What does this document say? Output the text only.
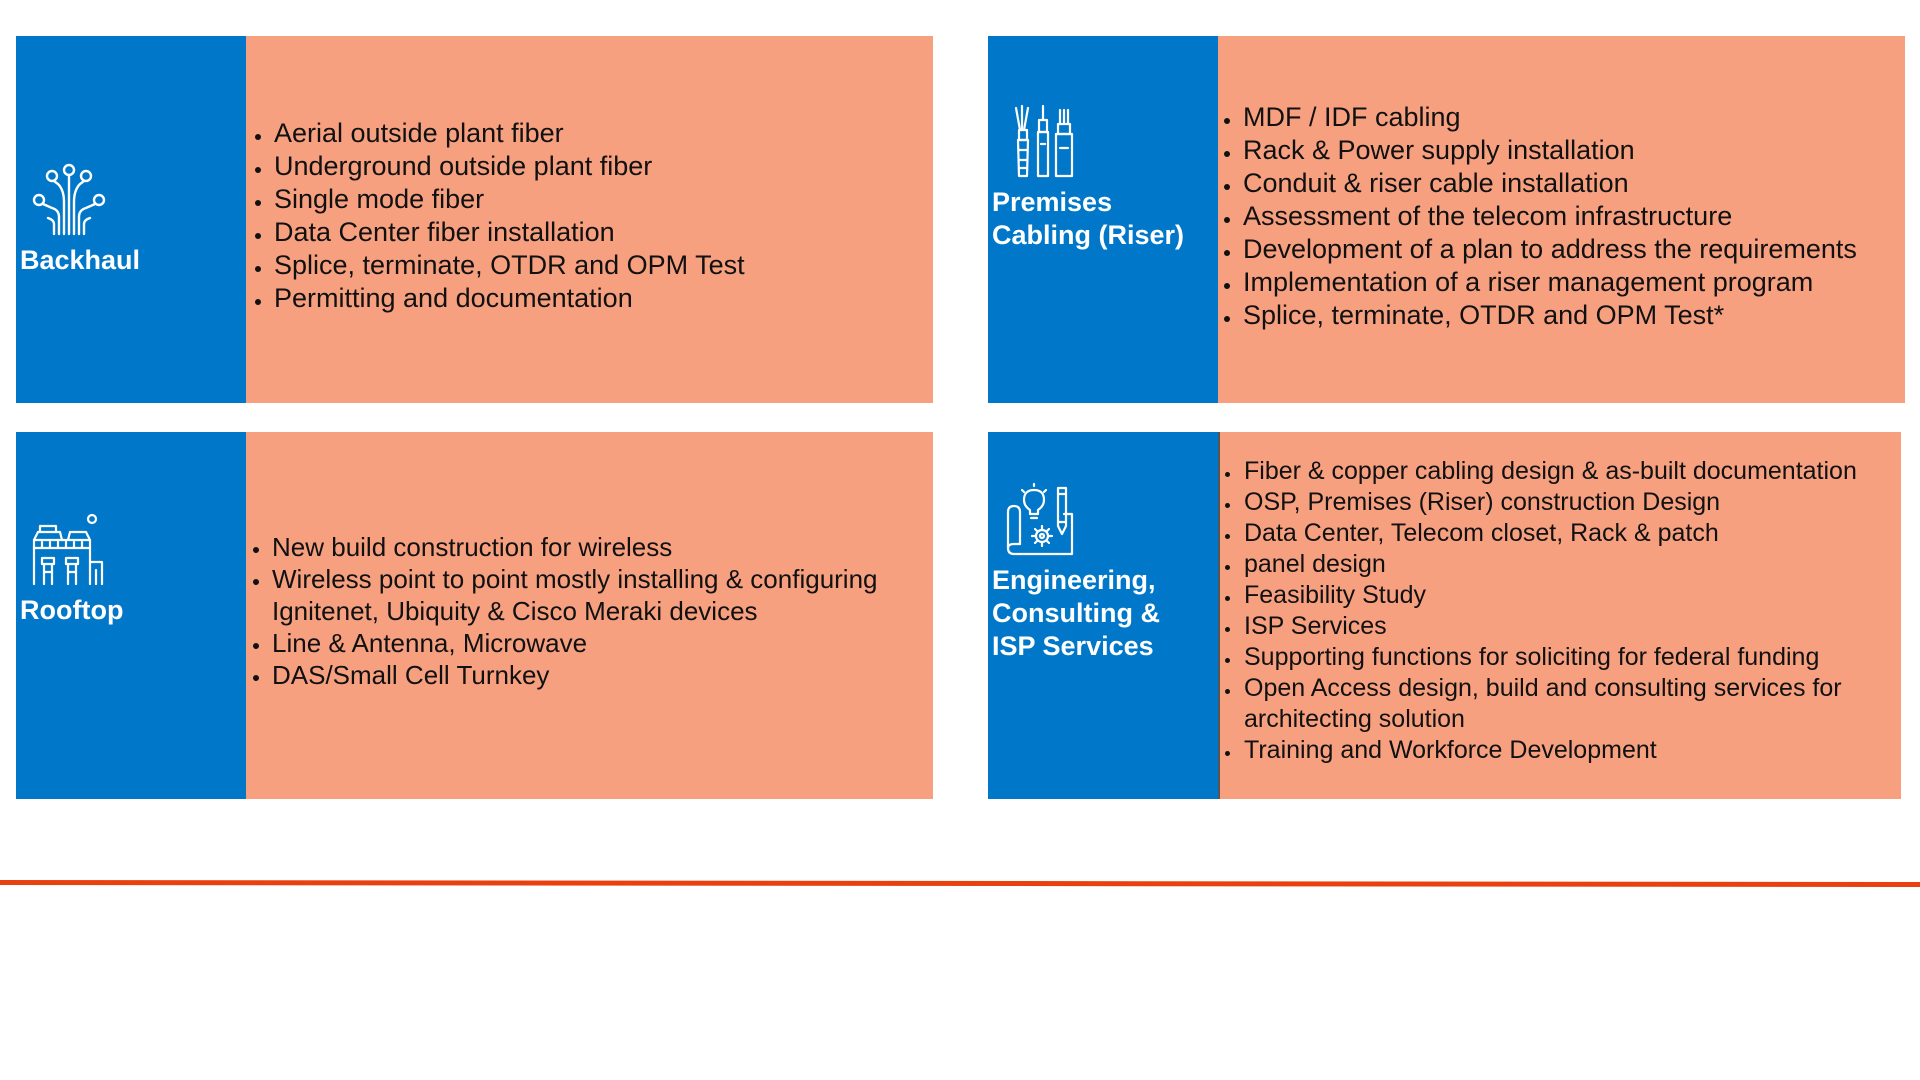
Backhaul
Aerial outside plant fiber
Underground outside plant fiber
Single mode fiber
Data Center fiber installation
Splice, terminate, OTDR and OPM Test
Permitting and documentation
Premises
Cabling (Riser)
MDF / IDF cabling
Rack & Power supply installation
Conduit & riser cable installation
Assessment of the telecom infrastructure
Development of a plan to address the requirements
Implementation of a riser management program
Splice, terminate, OTDR and OPM Test*
Rooftop
New build construction for wireless
Wireless point to point mostly installing & configuring Ignitenet, Ubiquity & Cisco Meraki devices
Line & Antenna, Microwave
DAS/Small Cell Turnkey
Engineering,
Consulting &
ISP Services
Fiber & copper cabling design & as-built documentation
OSP, Premises (Riser) construction Design
Data Center, Telecom closet, Rack & patch
panel design
Feasibility Study
ISP Services
Supporting functions for soliciting for federal funding
Open Access design, build and consulting services for architecting solution
Training and Workforce Development
